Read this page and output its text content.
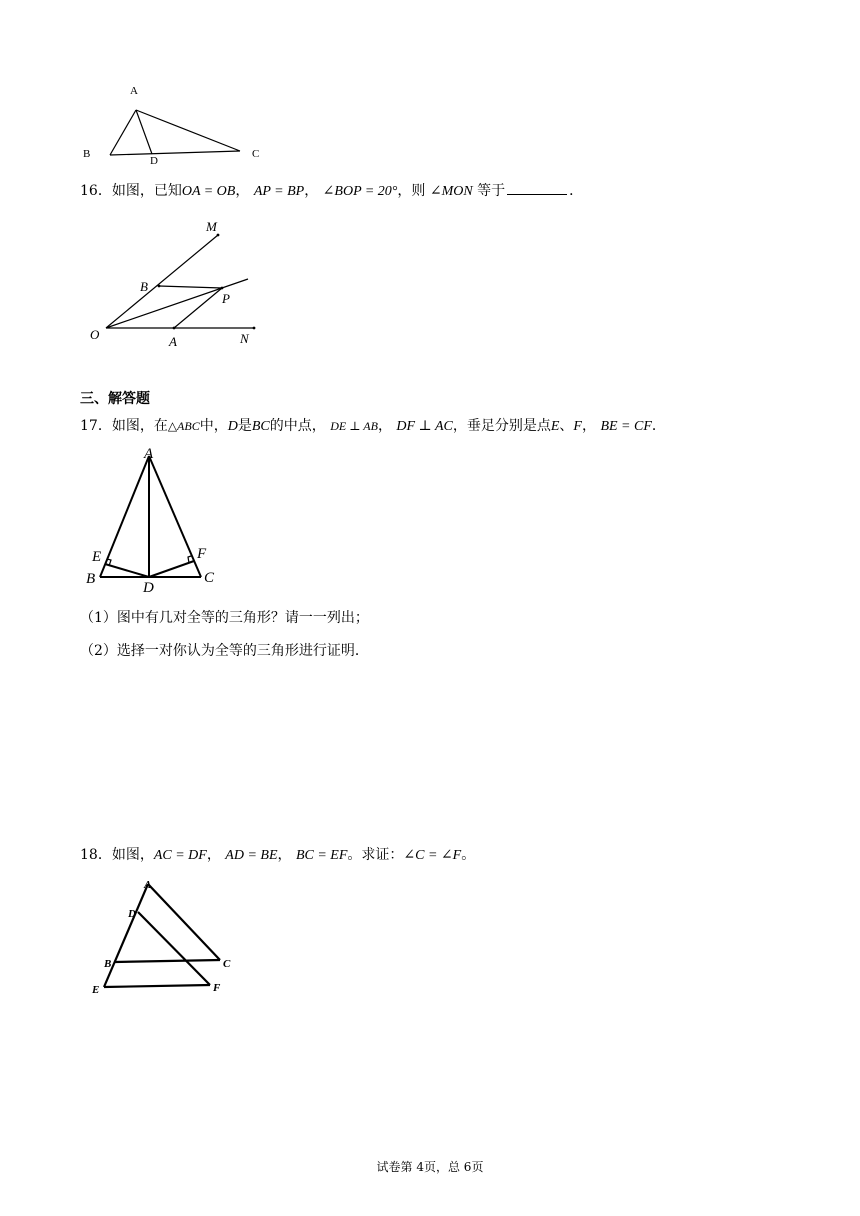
A
B	C
D
16．如图，已知OA = OB， AP = BP， ∠BOP = 20°，则 ∠MON 等于	．
M
B
P
O	A	N
三、解答题
17．如图，在△ABC中，D是BC的中点， DE ⊥ AB， DF ⊥ AC，垂足分别是点E、F， BE = CF．
A
E	F
B
D
C
（1）图中有几对全等的三角形？请一一列出；
（2）选择一对你认为全等的三角形进行证明．
18．如图，AC = DF， AD = BE， BC = EF。求证：∠C = ∠F。
A
D
B	C
E	F
试卷第 4页，总 6页
